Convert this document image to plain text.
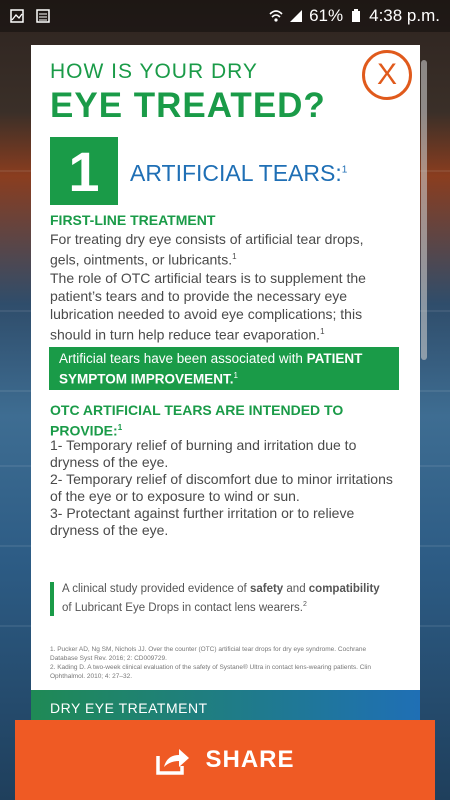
61% 4:38 p.m.
X
HOW IS YOUR DRY
EYE TREATED?
1	ARTIFICIAL TEARS:$^1$
FIRST-LINE TREATMENT
For treating dry eye consists of artificial tear drops, gels, ointments, or lubricants.$^1$
The role of OTC artificial tears is to supplement the patient’s tears and to provide the necessary eye lubrication needed to avoid eye complications; this should in turn help reduce tear evaporation.$^1$
Artificial tears have been associated with PATIENT SYMPTOM IMPROVEMENT.$^1$
OTC ARTIFICIAL TEARS ARE INTENDED TO PROVIDE:$^1$
1- Temporary relief of burning and irritation due to dryness of the eye.
2- Temporary relief of discomfort due to minor irritations of the eye or to exposure to wind or sun.
3- Protectant against further irritation or to relieve dryness of the eye.
A clinical study provided evidence of safety and compatibility of Lubricant Eye Drops in contact lens wearers.$^2$
1. Pucker AD, Ng SM, Nichols JJ. Over the counter (OTC) artificial tear drops for dry eye syndrome. Cochrane Database Syst Rev. 2016; 2: CD009729.
2. Kading D. A two-week clinical evaluation of the safety of Systane® Ultra in contact lens-wearing patients. Clin Ophthalmol. 2010; 4: 27–32.
DRY EYE TREATMENT
SHARE
